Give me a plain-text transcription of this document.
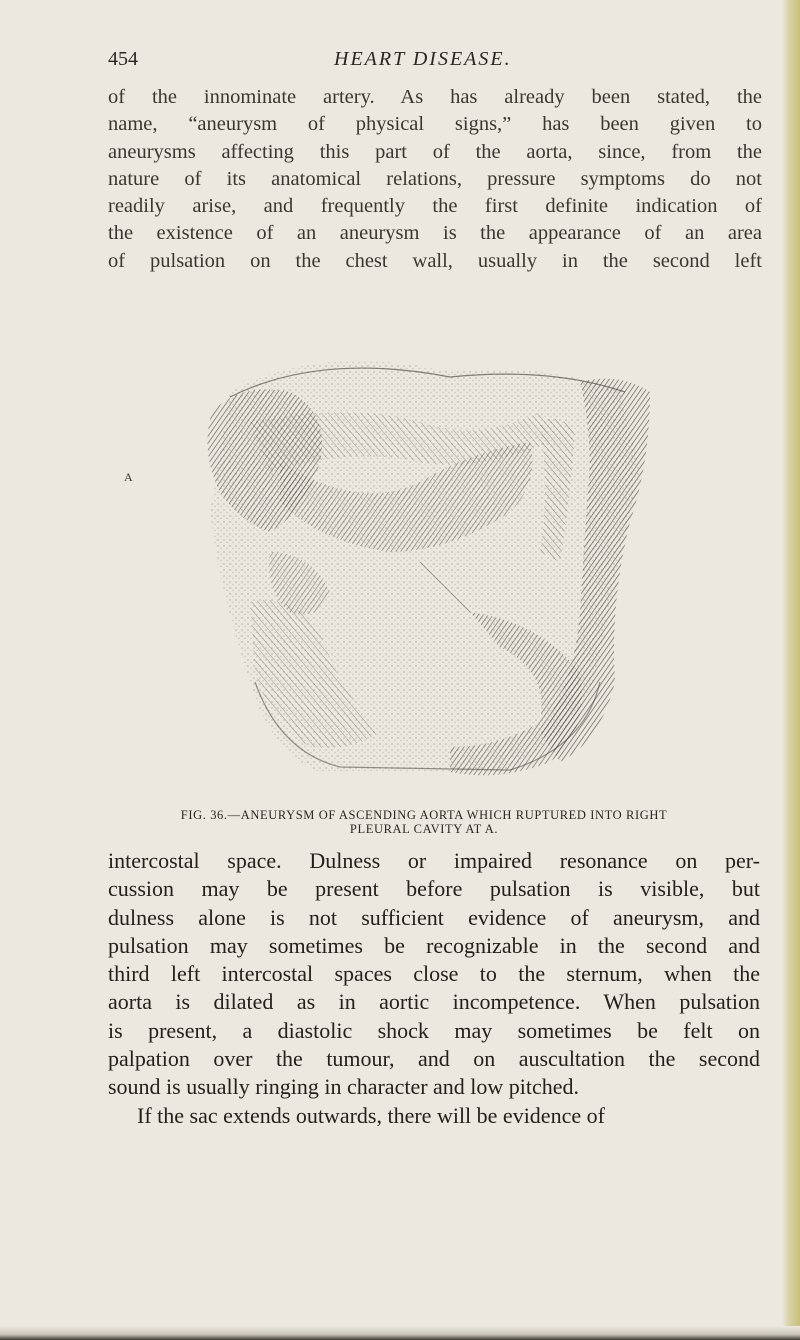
454	HEART DISEASE.

of the innominate artery. As has already been stated, the
name, “aneurysm of physical signs,” has been given to
aneurysms affecting this part of the aorta, since, from the
nature of its anatomical relations, pressure symptoms do not
readily arise, and frequently the first definite indication of
the existence of an aneurysm is the appearance of an area
of pulsation on the chest wall, usually in the second left

A
FIG. 36.—ANEURYSM OF ASCENDING AORTA WHICH RUPTURED INTO RIGHT
PLEURAL CAVITY AT A.

intercostal space. Dulness or impaired resonance on per-
cussion may be present before pulsation is visible, but
dulness alone is not sufficient evidence of aneurysm, and
pulsation may sometimes be recognizable in the second and
third left intercostal spaces close to the sternum, when the
aorta is dilated as in aortic incompetence. When pulsation
is present, a diastolic shock may sometimes be felt on
palpation over the tumour, and on auscultation the second
sound is usually ringing in character and low pitched.
If the sac extends outwards, there will be evidence of
